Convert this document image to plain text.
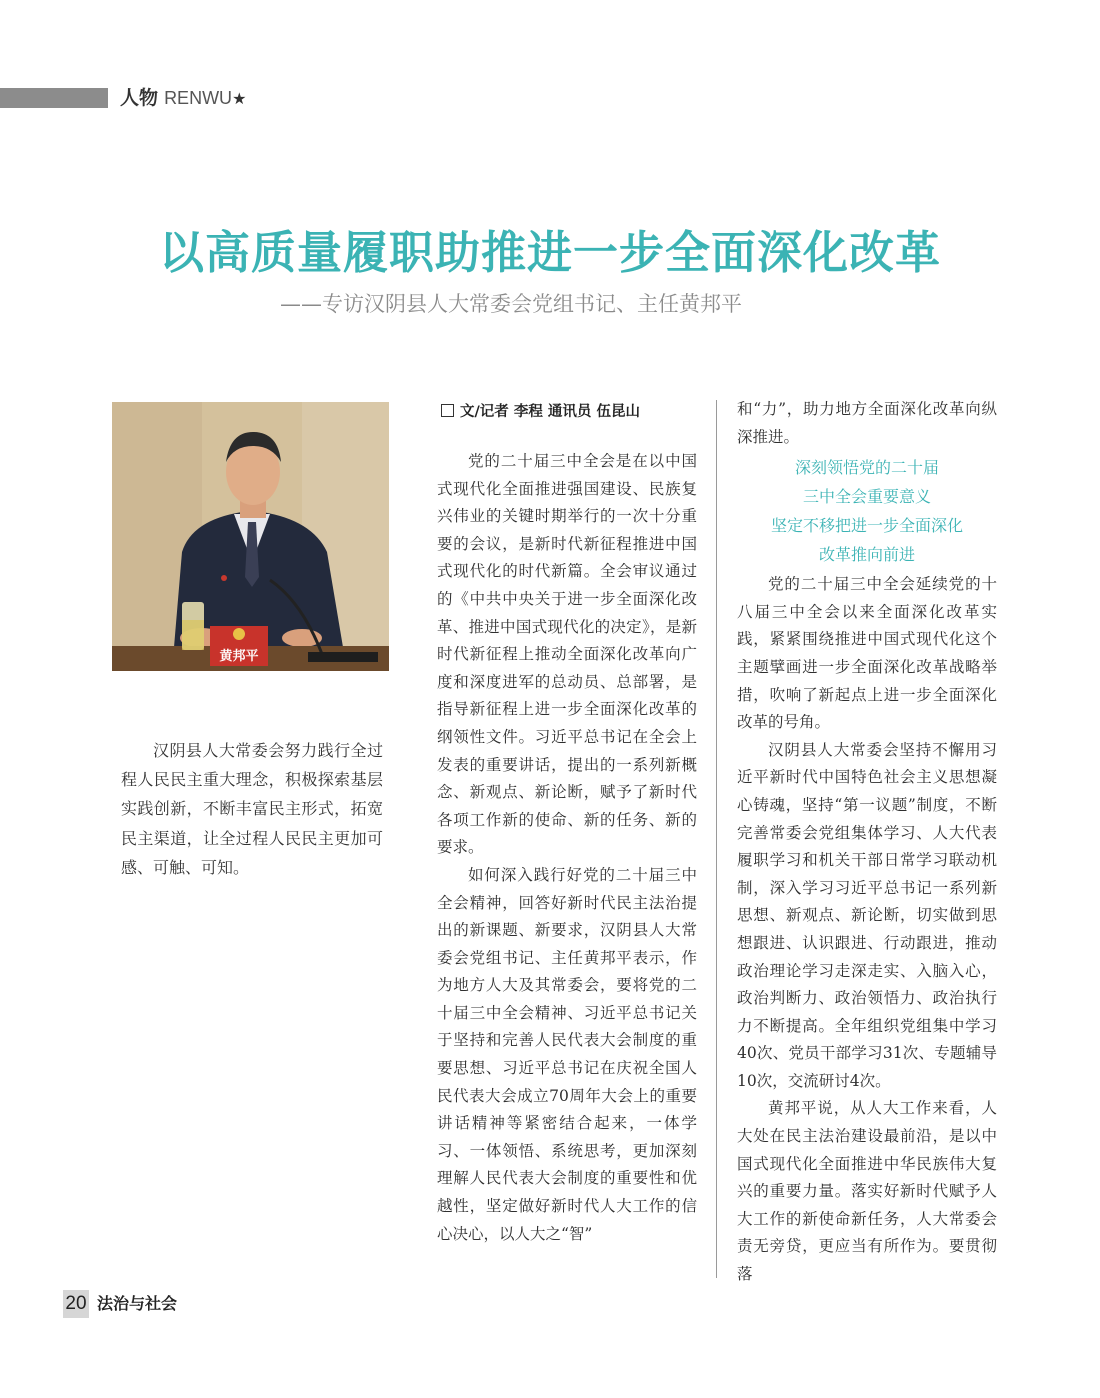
人物 RENWU★
以高质量履职助推进一步全面深化改革
——专访汉阴县人大常委会党组书记、主任黄邦平
黄邦平

汉阴县人大常委会努力践行全过程人民民主重大理念，积极探索基层实践创新，不断丰富民主形式，拓宽民主渠道，让全过程人民民主更加可感、可触、可知。

文/记者 李程 通讯员 伍昆山

党的二十届三中全会是在以中国式现代化全面推进强国建设、民族复兴伟业的关键时期举行的一次十分重要的会议，是新时代新征程推进中国式现代化的时代新篇。全会审议通过的《中共中央关于进一步全面深化改革、推进中国式现代化的决定》，是新时代新征程上推动全面深化改革向广度和深度进军的总动员、总部署，是指导新征程上进一步全面深化改革的纲领性文件。习近平总书记在全会上发表的重要讲话，提出的一系列新概念、新观点、新论断，赋予了新时代各项工作新的使命、新的任务、新的要求。

如何深入践行好党的二十届三中全会精神，回答好新时代民主法治提出的新课题、新要求，汉阴县人大常委会党组书记、主任黄邦平表示，作为地方人大及其常委会，要将党的二十届三中全会精神、习近平总书记关于坚持和完善人民代表大会制度的重要思想、习近平总书记在庆祝全国人民代表大会成立70周年大会上的重要讲话精神等紧密结合起来，一体学习、一体领悟、系统思考，更加深刻理解人民代表大会制度的重要性和优越性，坚定做好新时代人大工作的信心决心，以人大之“智”

和“力”，助力地方全面深化改革向纵深推进。

深刻领悟党的二十届
三中全会重要意义
坚定不移把进一步全面深化
改革推向前进

党的二十届三中全会延续党的十八届三中全会以来全面深化改革实践，紧紧围绕推进中国式现代化这个主题擘画进一步全面深化改革战略举措，吹响了新起点上进一步全面深化改革的号角。

汉阴县人大常委会坚持不懈用习近平新时代中国特色社会主义思想凝心铸魂，坚持“第一议题”制度，不断完善常委会党组集体学习、人大代表履职学习和机关干部日常学习联动机制，深入学习习近平总书记一系列新思想、新观点、新论断，切实做到思想跟进、认识跟进、行动跟进，推动政治理论学习走深走实、入脑入心，政治判断力、政治领悟力、政治执行力不断提高。全年组织党组集中学习40次、党员干部学习31次、专题辅导10次，交流研讨4次。

黄邦平说，从人大工作来看，人大处在民主法治建设最前沿，是以中国式现代化全面推进中华民族伟大复兴的重要力量。落实好新时代赋予人大工作的新使命新任务，人大常委会责无旁贷，更应当有所作为。要贯彻落

20 法治与社会
